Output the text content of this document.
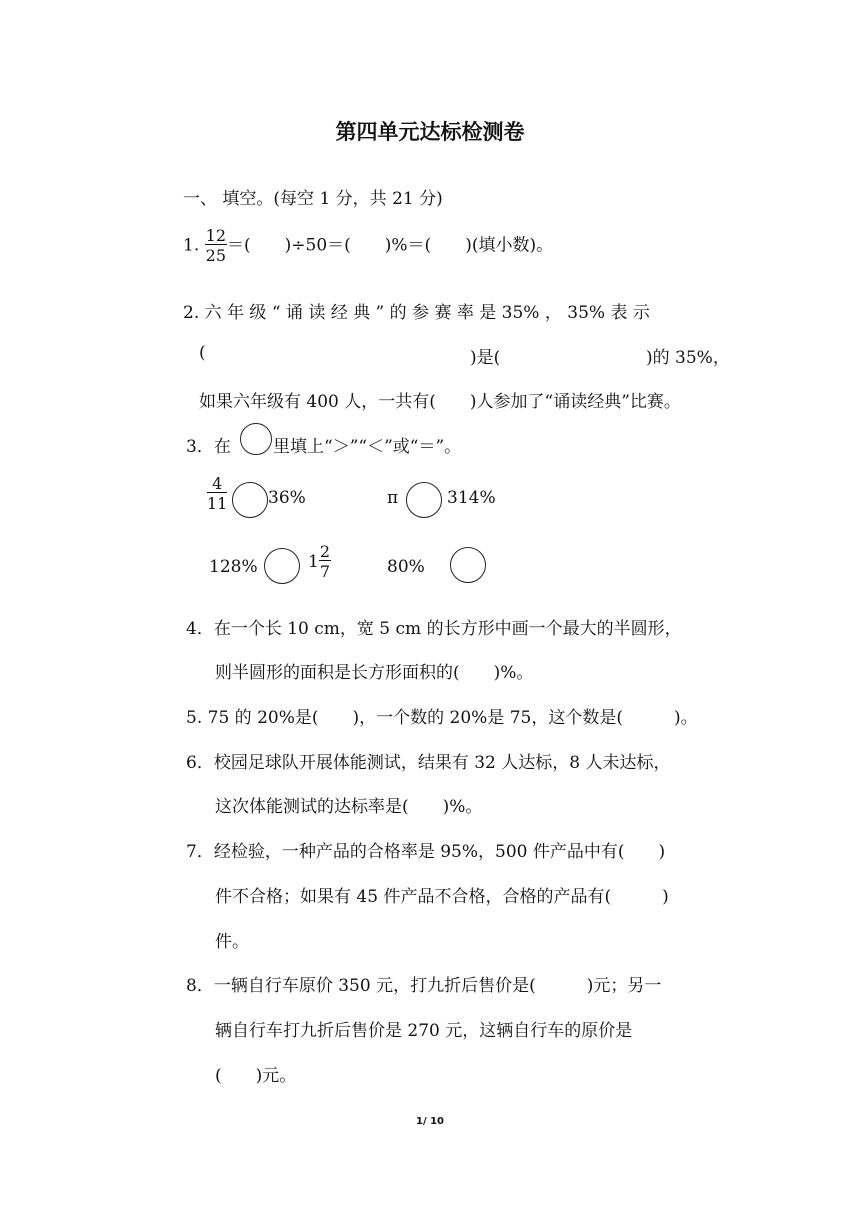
第四单元达标检测卷
一、 填空。(每空 1 分，共 21 分)
1. $\frac{12}{25}$ ＝(　　)÷50＝(　　)%＝(　　)(填小数)。
2. 六 年 级 “ 诵 读 经 典 ” 的 参 赛 率 是 35% ， 35% 表 示
(	)是(	)的 35%，
如果六年级有 400 人，一共有(　　)人参加了“诵读经典”比赛。
3．在 里填上“＞”“＜”或“＝”。
$\frac{4}{11} 36\%$	π	314%
128%	$1 \frac{2}{7}$	80%
4．在一个长 10 cm，宽 5 cm 的长方形中画一个最大的半圆形，
则半圆形的面积是长方形面积的(　　)%。
5. 75 的 20%是(　　)，一个数的 20%是 75，这个数是(　　　)。
6．校园足球队开展体能测试，结果有 32 人达标，8 人未达标，
这次体能测试的达标率是(　　)%。
7．经检验，一种产品的合格率是 95%，500 件产品中有(　　)
件不合格；如果有 45 件产品不合格，合格的产品有(　　　)
件。
8．一辆自行车原价 350 元，打九折后售价是(　　　)元；另一
辆自行车打九折后售价是 270 元，这辆自行车的原价是
(　　)元。
1/ 10
